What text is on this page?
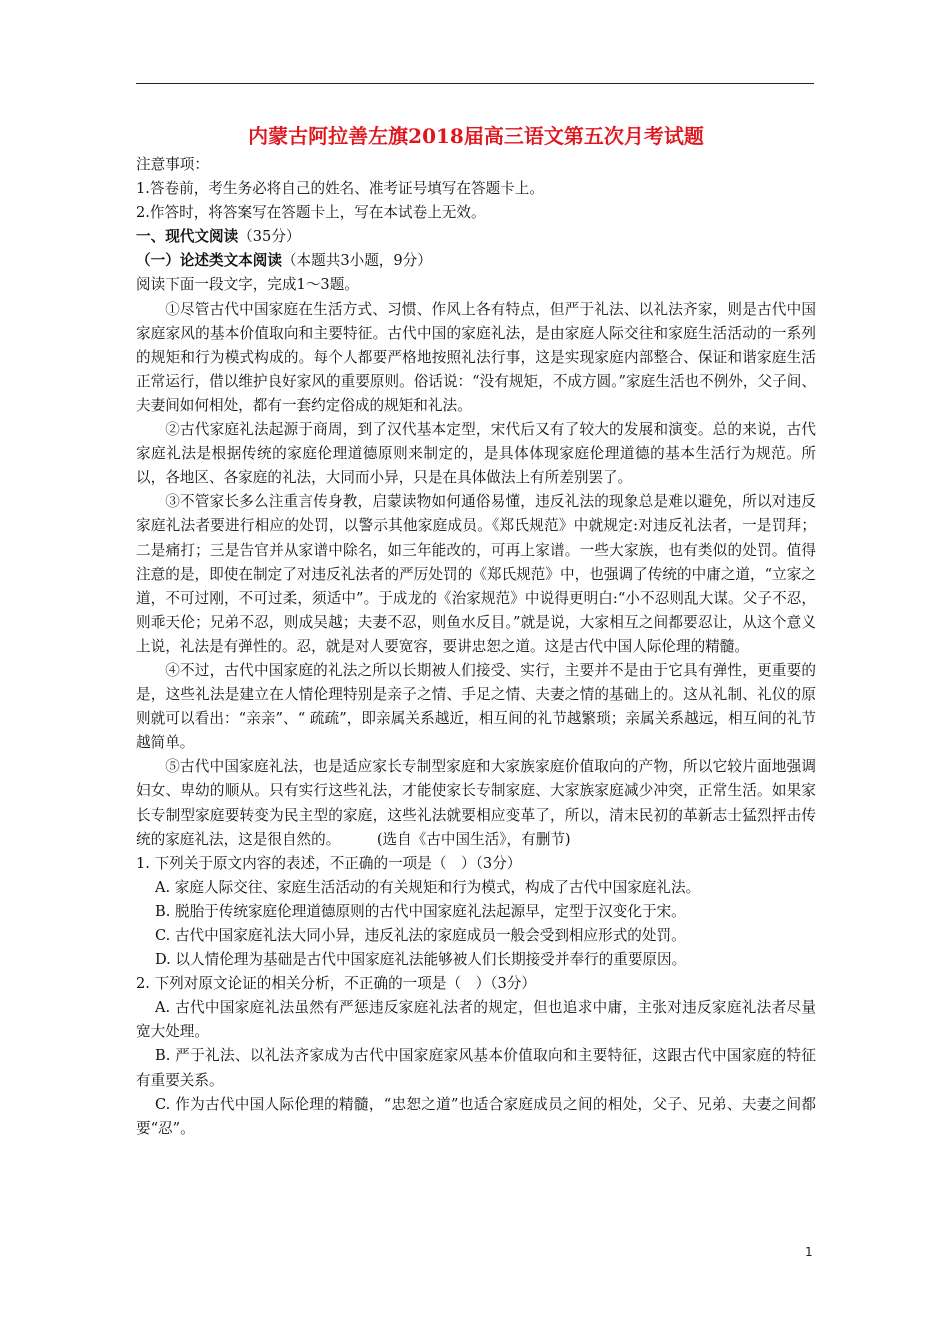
内蒙古阿拉善左旗2018届高三语文第五次月考试题
注意事项：
1.答卷前，考生务必将自己的姓名、准考证号填写在答题卡上。
2.作答时，将答案写在答题卡上，写在本试卷上无效。
一、现代文阅读（35分）
（一）论述类文本阅读（本题共3小题，9分）
阅读下面一段文字，完成1～3题。

①尽管古代中国家庭在生活方式、习惯、作风上各有特点，但严于礼法、以礼法齐家，则是古代中国家庭家风的基本价值取向和主要特征。古代中国的家庭礼法，是由家庭人际交往和家庭生活活动的一系列的规矩和行为模式构成的。每个人都要严格地按照礼法行事，这是实现家庭内部整合、保证和谐家庭生活正常运行，借以维护良好家风的重要原则。俗话说：“没有规矩，不成方圆。”家庭生活也不例外，父子间、夫妻间如何相处，都有一套约定俗成的规矩和礼法。

②古代家庭礼法起源于商周，到了汉代基本定型，宋代后又有了较大的发展和演变。总的来说，古代家庭礼法是根据传统的家庭伦理道德原则来制定的，是具体体现家庭伦理道德的基本生活行为规范。所以，各地区、各家庭的礼法，大同而小异，只是在具体做法上有所差别罢了。

③不管家长多么注重言传身教，启蒙读物如何通俗易懂，违反礼法的现象总是难以避免，所以对违反家庭礼法者要进行相应的处罚，以警示其他家庭成员。《郑氏规范》中就规定:对违反礼法者，一是罚拜；二是痛打；三是告官并从家谱中除名，如三年能改的，可再上家谱。一些大家族，也有类似的处罚。值得注意的是，即使在制定了对违反礼法者的严厉处罚的《郑氏规范》中，也强调了传统的中庸之道，“立家之道，不可过刚，不可过柔，须适中”。于成龙的《治家规范》中说得更明白:“小不忍则乱大谋。父子不忍，则乖天伦；兄弟不忍，则成吴越；夫妻不忍，则鱼水反目。”就是说，大家相互之间都要忍让，从这个意义上说，礼法是有弹性的。忍，就是对人要宽容，要讲忠恕之道。这是古代中国人际伦理的精髓。

④不过，古代中国家庭的礼法之所以长期被人们接受、实行，主要并不是由于它具有弹性，更重要的是，这些礼法是建立在人情伦理特别是亲子之情、手足之情、夫妻之情的基础上的。这从礼制、礼仪的原则就可以看出：“亲亲”、“ 疏疏”，即亲属关系越近，相互间的礼节越繁琐；亲属关系越远，相互间的礼节越简单。

⑤古代中国家庭礼法，也是适应家长专制型家庭和大家族家庭价值取向的产物，所以它较片面地强调妇女、卑幼的顺从。只有实行这些礼法，才能使家长专制家庭、大家族家庭减少冲突，正常生活。如果家长专制型家庭要转变为民主型的家庭，这些礼法就要相应变革了，所以，清末民初的革新志士猛烈抨击传统的家庭礼法，这是很自然的。　　　	(选自《古中国生活》，有删节)

1. 下列关于原文内容的表述，不正确的一项是（　）（3分）
A. 家庭人际交往、家庭生活活动的有关规矩和行为模式，构成了古代中国家庭礼法。
B. 脱胎于传统家庭伦理道德原则的古代中国家庭礼法起源早，定型于汉变化于宋。
C. 古代中国家庭礼法大同小异，违反礼法的家庭成员一般会受到相应形式的处罚。
D. 以人情伦理为基础是古代中国家庭礼法能够被人们长期接受并奉行的重要原因。
2. 下列对原文论证的相关分析，不正确的一项是（　）（3分）
A. 古代中国家庭礼法虽然有严惩违反家庭礼法者的规定，但也追求中庸，主张对违反家庭礼法者尽量宽大处理。
B. 严于礼法、以礼法齐家成为古代中国家庭家风基本价值取向和主要特征，这跟古代中国家庭的特征有重要关系。
C. 作为古代中国人际伦理的精髓，“忠恕之道”也适合家庭成员之间的相处，父子、兄弟、夫妻之间都要“忍”。
1
